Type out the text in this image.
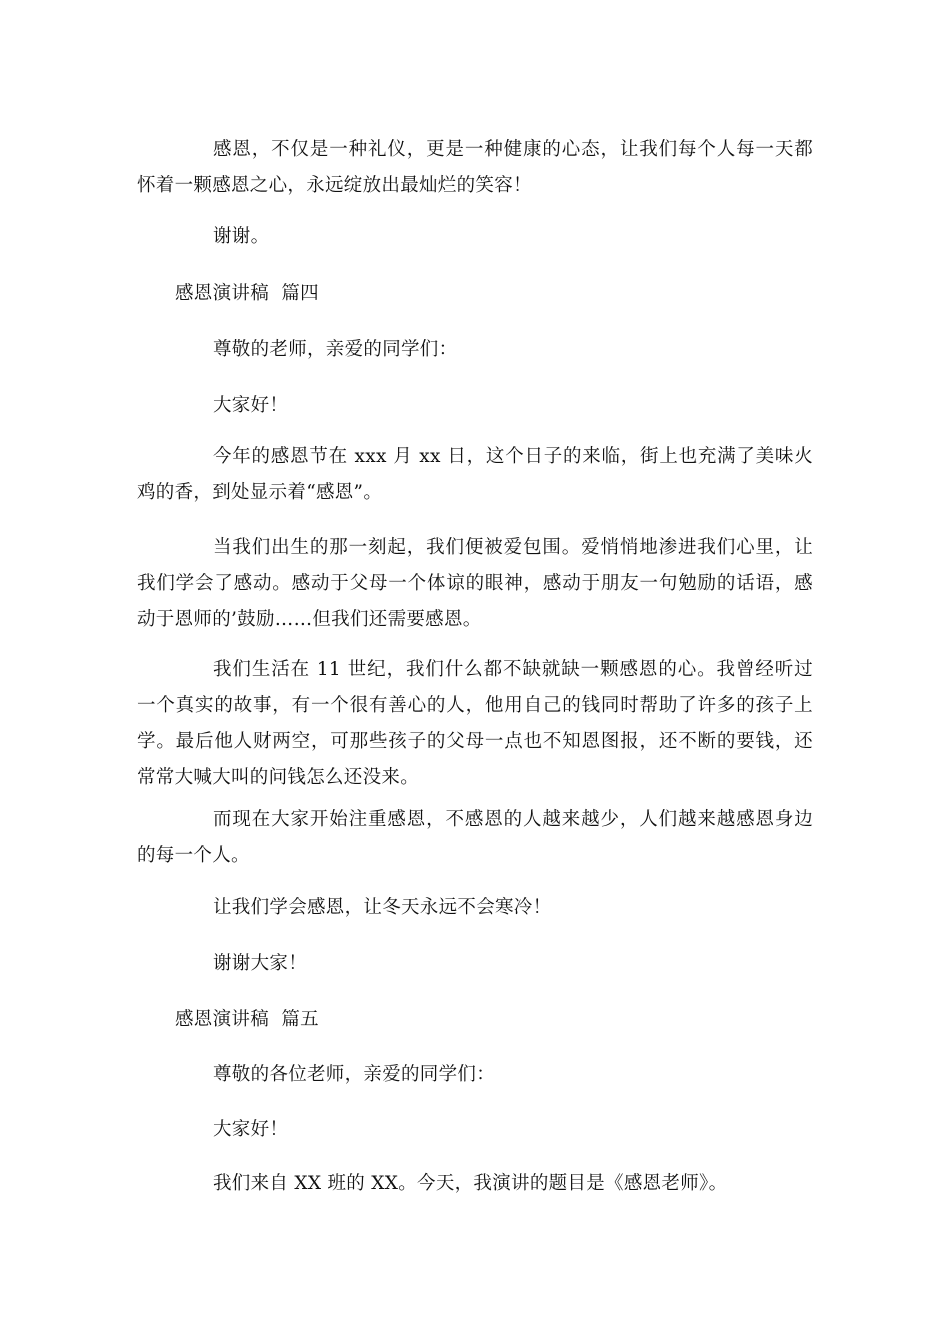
感恩，不仅是一种礼仪，更是一种健康的心态，让我们每个人每一天都怀着一颗感恩之心，永远绽放出最灿烂的笑容！

谢谢。

感恩演讲稿  篇四

尊敬的老师，亲爱的同学们：

大家好！

今年的感恩节在 xxx 月 xx 日，这个日子的来临，街上也充满了美味火鸡的香，到处显示着“感恩”。

当我们出生的那一刻起，我们便被爱包围。爱悄悄地渗进我们心里，让我们学会了感动。感动于父母一个体谅的眼神，感动于朋友一句勉励的话语，感动于恩师的’鼓励……但我们还需要感恩。

我们生活在 11 世纪，我们什么都不缺就缺一颗感恩的心。我曾经听过一个真实的故事，有一个很有善心的人，他用自己的钱同时帮助了许多的孩子上学。最后他人财两空，可那些孩子的父母一点也不知恩图报，还不断的要钱，还常常大喊大叫的问钱怎么还没来。

而现在大家开始注重感恩，不感恩的人越来越少，人们越来越感恩身边的每一个人。

让我们学会感恩，让冬天永远不会寒冷！

谢谢大家！

感恩演讲稿  篇五

尊敬的各位老师，亲爱的同学们：

大家好！

我们来自 XX 班的 XX。今天，我演讲的题目是《感恩老师》。
